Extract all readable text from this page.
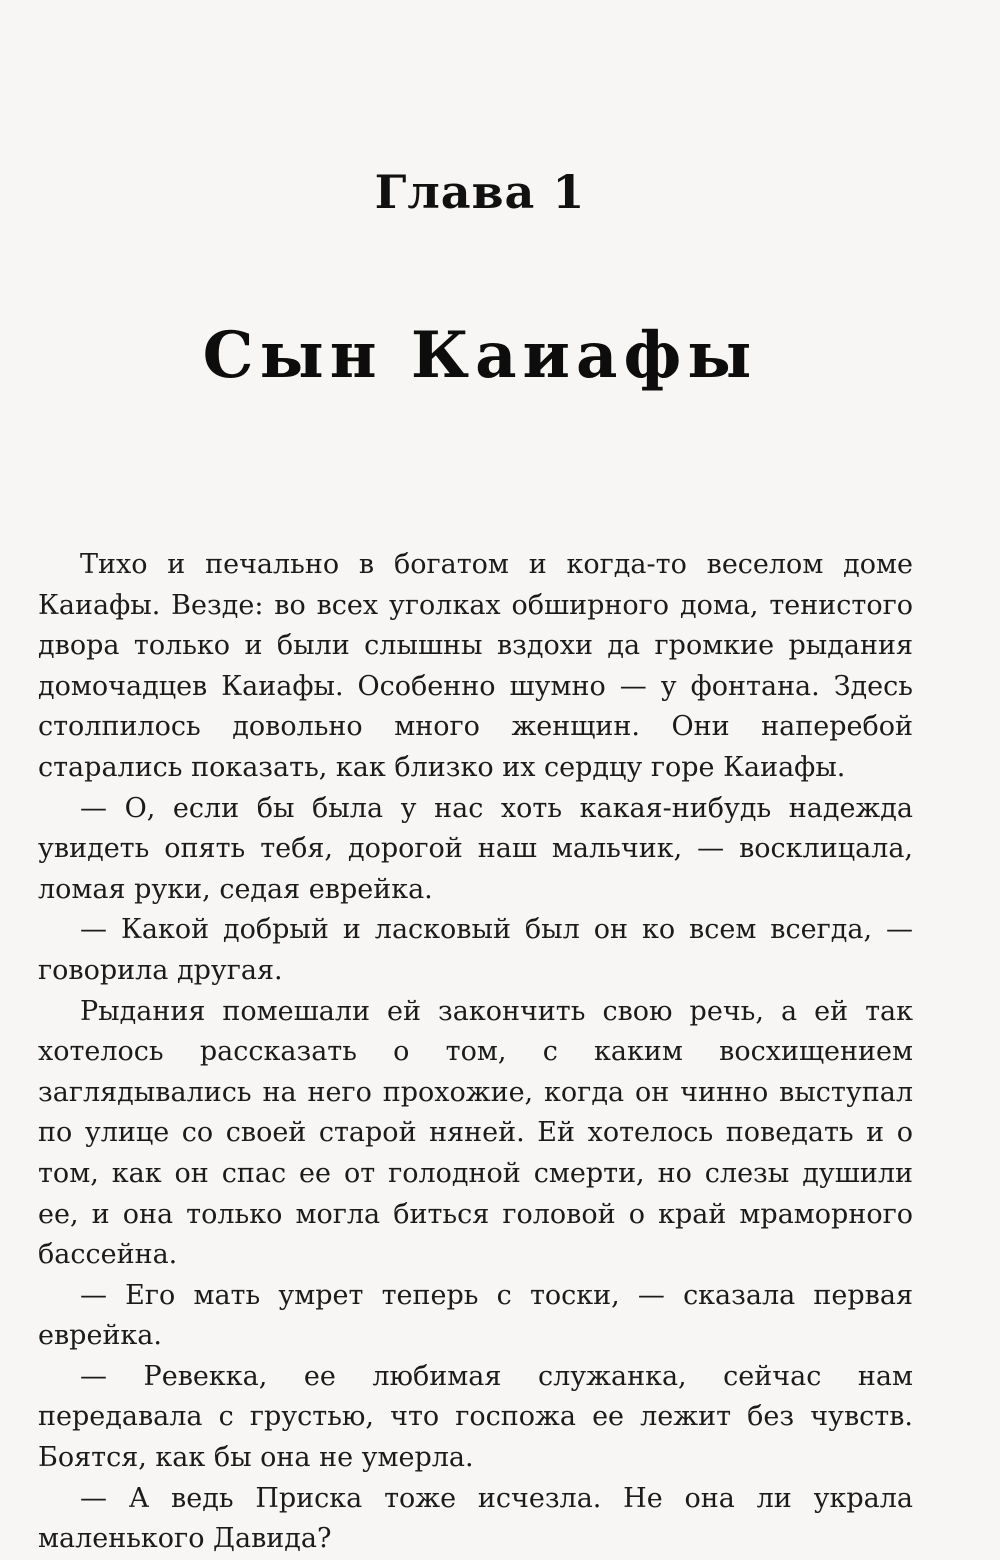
Глава 1
Сын Каиафы

Тихо и печально в богатом и когда-то веселом доме Каиафы. Везде: во всех уголках обширного дома, тенистого двора только и были слышны вздохи да громкие рыдания домочадцев Каиафы. Особенно шумно — у фонтана. Здесь столпилось довольно много женщин. Они наперебой старались показать, как близко их сердцу горе Каиафы.

— О, если бы была у нас хоть какая-нибудь надежда увидеть опять тебя, дорогой наш мальчик, — восклицала, ломая руки, седая еврейка.

— Какой добрый и ласковый был он ко всем всегда, — говорила другая.

Рыдания помешали ей закончить свою речь, а ей так хотелось рассказать о том, с каким восхищением заглядывались на него прохожие, когда он чинно выступал по улице со своей старой няней. Ей хотелось поведать и о том, как он спас ее от голодной смерти, но слезы душили ее, и она только могла биться головой о край мраморного бассейна.

— Его мать умрет теперь с тоски, — сказала первая еврейка.

— Ревекка, ее любимая служанка, сейчас нам передавала с грустью, что госпожа ее лежит без чувств. Боятся, как бы она не умерла.

— А ведь Приска тоже исчезла. Не она ли украла маленького Давида?
